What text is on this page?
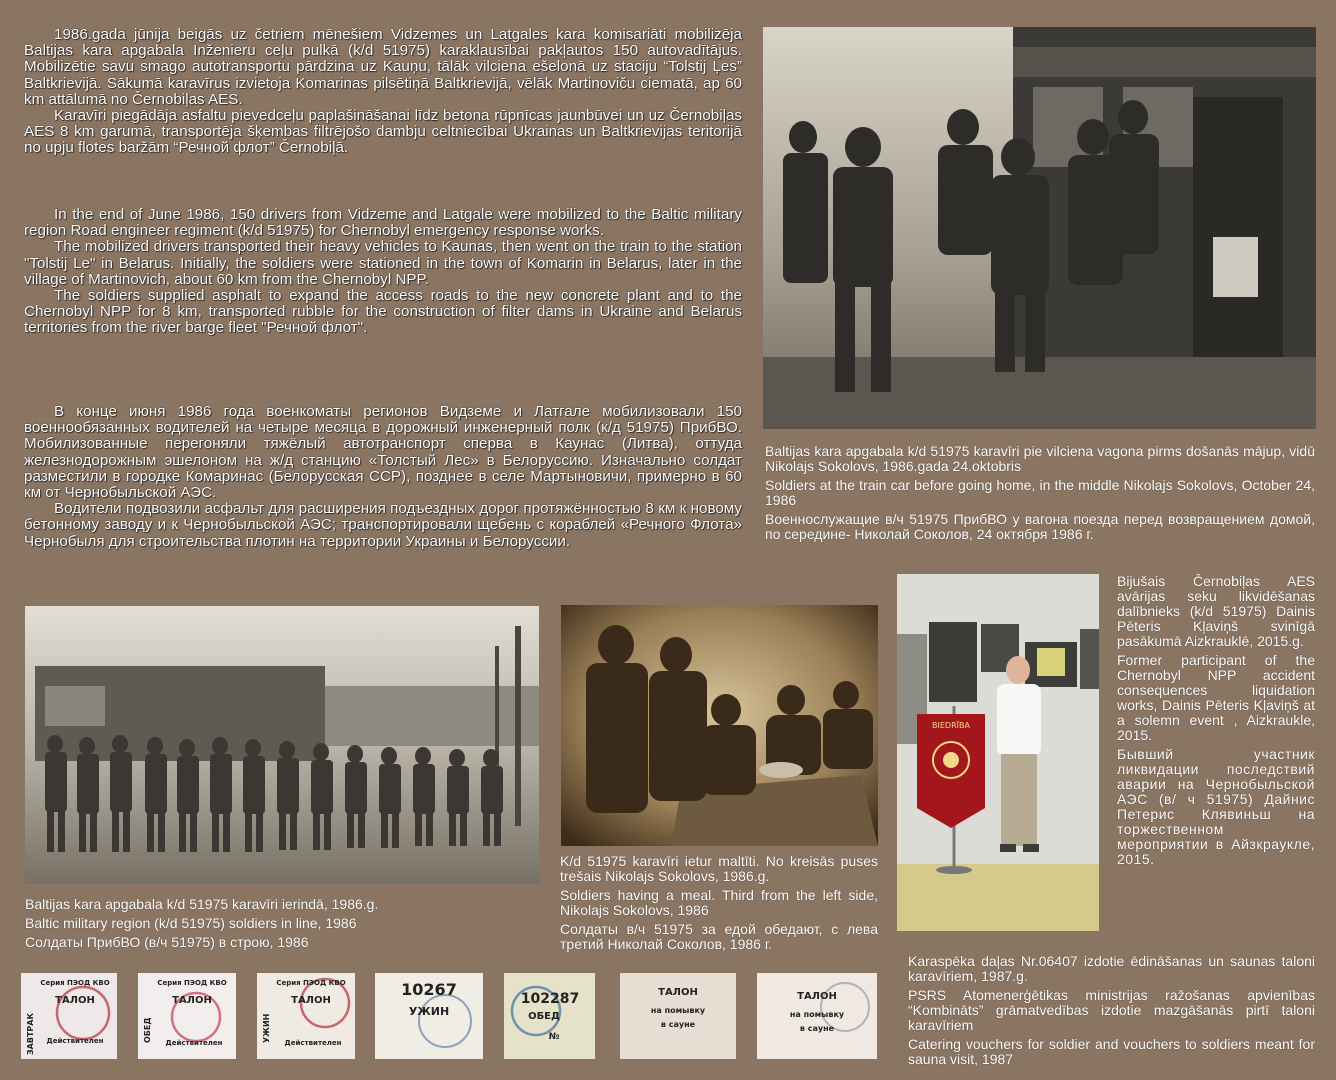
1986.gada jūnija beigās uz četriem mēnešiem Vidzemes un Latgales kara komisariāti mobilizēja Baltijas kara apgabala Inženieru ceļu pulkā (k/d 51975) karaklausībai pakļautos 150 autovadītājus. Mobilizētie savu smago autotransportu pārdzina uz Kauņu, tālāk vilciena ešelonā uz staciju “Tolstij Ļes” Baltkrievijā. Sākumā karavīrus izvietoja Komarinas pilsētiņā Baltkrievijā, vēlāk Martinoviču ciematā, ap 60 km attālumā no Černobiļas AES.
Karavīri piegādāja asfaltu pievedceļu paplašināšanai līdz betona rūpnīcas jaunbūvei un uz Černobiļas AES 8 km garumā, transportēja šķembas filtrējošo dambju celtniecībai Ukrainas un Baltkrievijas teritorijā no upju flotes baržām “Речной флот” Černobiļā.
In the end of June 1986, 150 drivers from Vidzeme and Latgale were mobilized to the Baltic military region Road engineer regiment (k/d 51975) for Chernobyl emergency response works.
The mobilized drivers transported their heavy vehicles to Kaunas, then went on the train to the station "Tolstij Le" in Belarus. Initially, the soldiers were stationed in the town of Komarin in Belarus, later in the village of Martinovich, about 60 km from the Chernobyl NPP.
The soldiers supplied asphalt to expand the access roads to the new concrete plant and to the Chernobyl NPP for 8 km, transported rubble for the construction of filter dams in Ukraine and Belarus territories from the river barge fleet "Речной флот".
В конце июня 1986 года военкоматы регионов Видземе и Латгале мобилизовали 150 военнообязанных водителей на четыре месяца в дорожный инженерный полк (к/д 51975) ПрибВО. Мобилизованные перегоняли тяжёлый автотранспорт сперва в Каунас (Литва), оттуда железнодорожным эшелоном на ж/д станцию «Толстый Лес» в Белоруссию. Изначально солдат разместили в городке Комаринас (Белорусская ССР), позднее в селе Мартыновичи, примерно в 60 км от Чернобыльской АЭС.
Водители подвозили асфальт для расширения подъездных дорог протяжённостью 8 км к новому бетонному заводу и к Чернобыльской АЭС; транспортировали щебень с кораблей «Речного Флота» Чернобыля для строительства плотин на территории Украины и Белоруссии.
Baltijas kara apgabala k/d 51975 karavīri pie vilciena vagona pirms došanās mājup, vidū Nikolajs Sokolovs, 1986.gada 24.oktobris
Soldiers at the train car before going home, in the middle Nikolajs Sokolovs, October 24, 1986
Военнослужащие в/ч 51975 ПрибВО у вагона поезда перед возвращением домой, по середине- Николай Соколов, 24 октября 1986 г.
Baltijas kara apgabala k/d 51975 karavīri ierindā, 1986.g.
Baltic military region (k/d 51975) soldiers in line, 1986
Солдаты ПрибВО (в/ч 51975) в строю, 1986
K/d 51975 karavīri ietur maltīti. No kreisās puses trešais Nikolajs Sokolovs, 1986.g.
Soldiers having a meal. Third from the left side, Nikolajs Sokolovs, 1986
Солдаты в/ч 51975 за едой обедают, с лева третий Николай Соколов, 1986 г.
BIEDRĪBA
Bijušais Černobiļas AES avārijas seku likvidēšanas dalībnieks (k/d 51975) Dainis Pēteris Kļaviņš svinīgā pasākumā Aizkrauklē, 2015.g.
Former participant of the Chernobyl NPP accident consequences liquidation works, Dainis Pēteris Kļaviņš at a solemn event , Aizkraukle, 2015.
Бывший участник ликвидации последствий аварии на Чернобыльской АЭС (в/ ч 51975) Дайнис Петерис Клявиньш на торжественном мероприятии в Айзкраукле, 2015.
Karaspēka daļas Nr.06407 izdotie ēdināšanas un saunas taloni karavīriem, 1987.g.
PSRS Atomenerģētikas ministrijas ražošanas apvienības “Kombināts” grāmatvedības izdotie mazgāšanās pirtī taloni karavīriem
Catering vouchers for soldier and vouchers to soldiers meant for sauna visit, 1987
Серия ПЭОД КВО
ТАЛОН
Действителен
ЗАВТРАК
Серия ПЭОД КВО
ТАЛОН
Действителен
ОБЕД
Серия ПЭОД КВО
ТАЛОН
Действителен
УЖИН
10267
УЖИН
102287
ОБЕД
№
ТАЛОН
на помывку
в сауне
ТАЛОН
на помывку
в сауне
